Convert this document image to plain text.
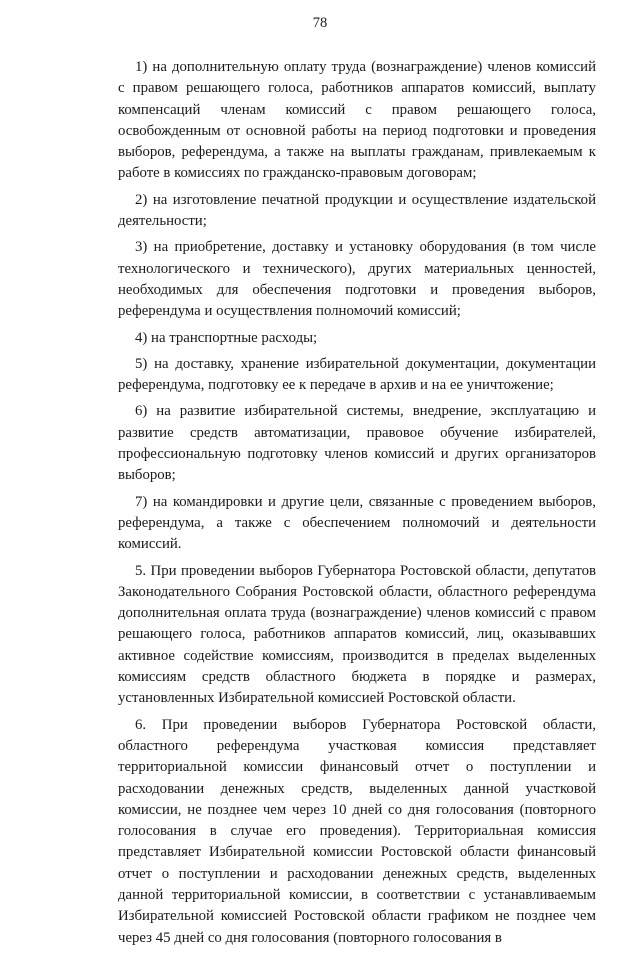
78

1) на дополнительную оплату труда (вознаграждение) членов комиссий с правом решающего голоса, работников аппаратов комиссий, выплату компенсаций членам комиссий с правом решающего голоса, освобожденным от основной работы на период подготовки и проведения выборов, референдума, а также на выплаты гражданам, привлекаемым к работе в комиссиях по гражданско-правовым договорам;

2) на изготовление печатной продукции и осуществление издательской деятельности;

3) на приобретение, доставку и установку оборудования (в том числе технологического и технического), других материальных ценностей, необходимых для обеспечения подготовки и проведения выборов, референдума и осуществления полномочий комиссий;

4) на транспортные расходы;

5) на доставку, хранение избирательной документации, документации референдума, подготовку ее к передаче в архив и на ее уничтожение;

6) на развитие избирательной системы, внедрение, эксплуатацию и развитие средств автоматизации, правовое обучение избирателей, профессиональную подготовку членов комиссий и других организаторов выборов;

7) на командировки и другие цели, связанные с проведением выборов, референдума, а также с обеспечением полномочий и деятельности комиссий.

5. При проведении выборов Губернатора Ростовской области, депутатов Законодательного Собрания Ростовской области, областного референдума дополнительная оплата труда (вознаграждение) членов комиссий с правом решающего голоса, работников аппаратов комиссий, лиц, оказывавших активное содействие комиссиям, производится в пределах выделенных комиссиям средств областного бюджета в порядке и размерах, установленных Избирательной комиссией Ростовской области.

6. При проведении выборов Губернатора Ростовской области, областного референдума участковая комиссия представляет территориальной комиссии финансовый отчет о поступлении и расходовании денежных средств, выделенных данной участковой комиссии, не позднее чем через 10 дней со дня голосования (повторного голосования в случае его проведения). Территориальная комиссия представляет Избирательной комиссии Ростовской области финансовый отчет о поступлении и расходовании денежных средств, выделенных данной территориальной комиссии, в соответствии с устанавливаемым Избирательной комиссией Ростовской области графиком не позднее чем через 45 дней со дня голосования (повторного голосования в
